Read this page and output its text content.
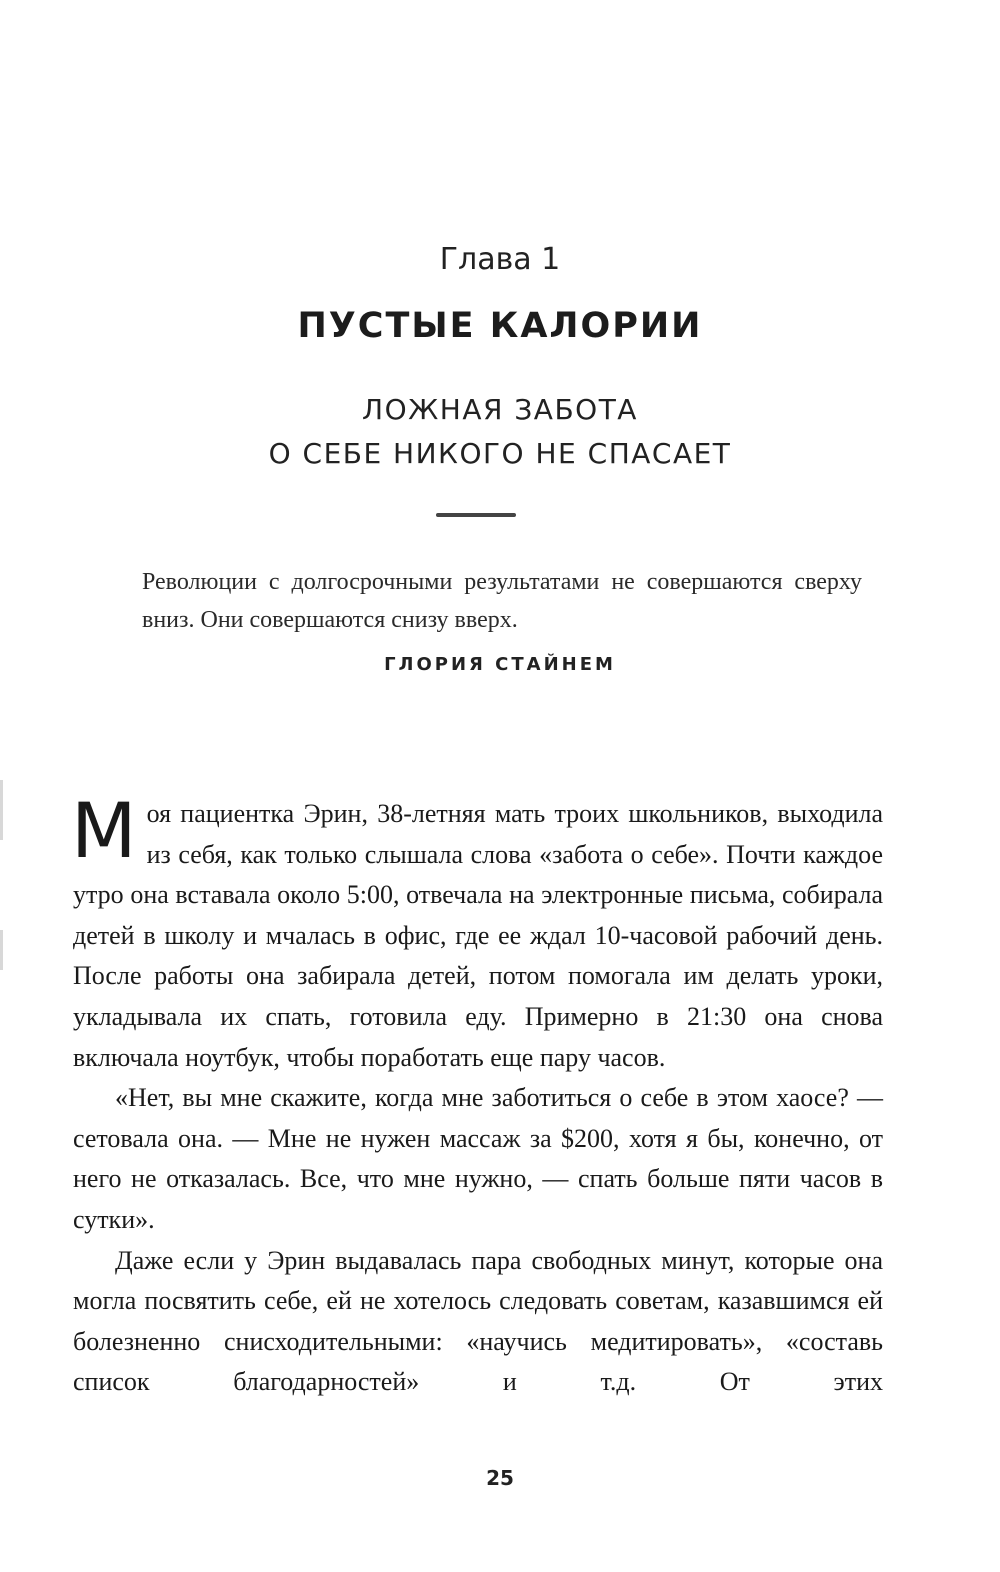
Глава 1
ПУСТЫЕ КАЛОРИИ
ЛОЖНАЯ ЗАБОТА
О СЕБЕ НИКОГО НЕ СПАСАЕТ
Революции с долгосрочными результатами не совершаются сверху вниз. Они совершаются снизу вверх.
ГЛОРИЯ СТАЙНЕМ

Моя пациентка Эрин, 38-летняя мать троих школьников, выходила из себя, как только слышала слова «забота о себе». Почти каждое утро она вставала около 5:00, отвечала на электронные письма, собирала детей в школу и мчалась в офис, где ее ждал 10-часовой рабочий день. После работы она забирала детей, потом помогала им делать уроки, укладывала их спать, готовила еду. Примерно в 21:30 она снова включала ноутбук, чтобы поработать еще пару часов.

«Нет, вы мне скажите, когда мне заботиться о себе в этом хаосе? — сетовала она. — Мне не нужен массаж за $200, хотя я бы, конечно, от него не отказалась. Все, что мне нужно, — спать больше пяти часов в сутки».

Даже если у Эрин выдавалась пара свободных минут, которые она могла посвятить себе, ей не хотелось следовать советам, казавшимся ей болезненно снисходительными: «научись медитировать», «составь список благодарностей» и т.д. От этих

25
